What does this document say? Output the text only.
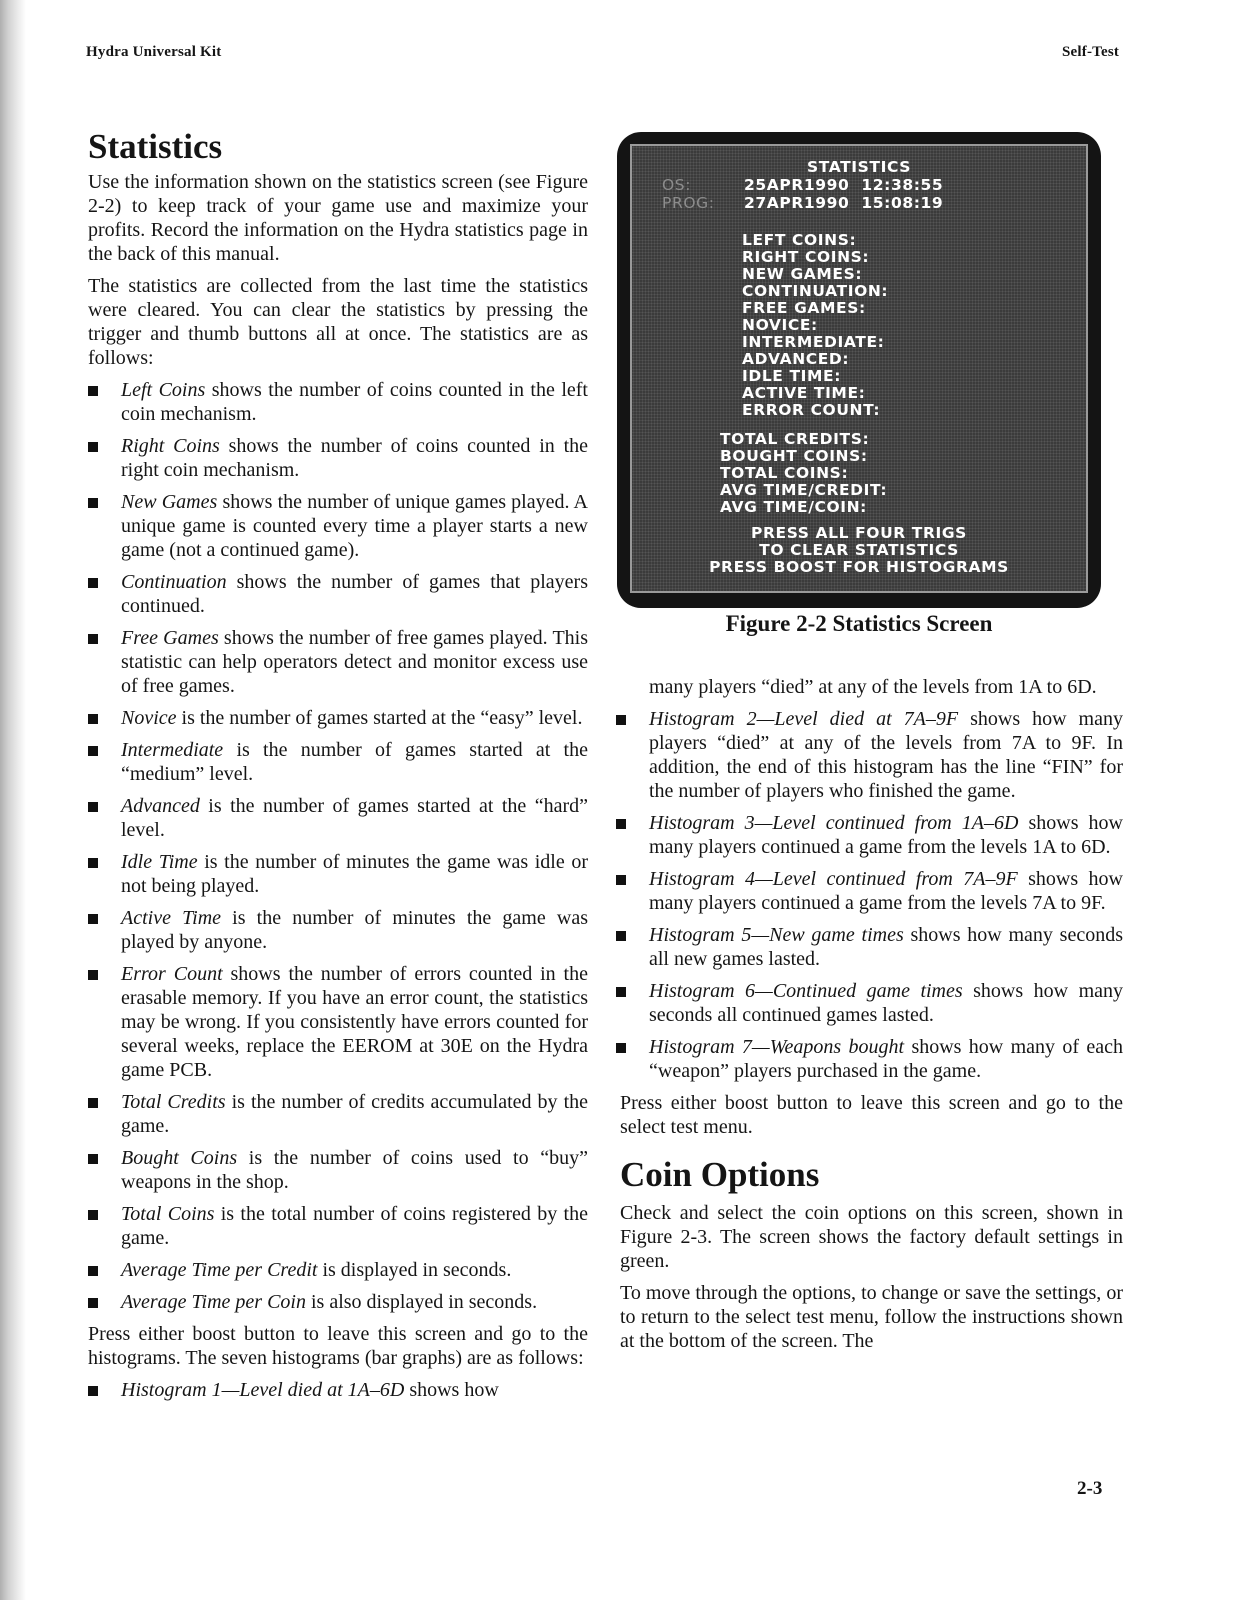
Hydra Universal Kit	Self-Test
Statistics

Use the information shown on the statistics screen (see Figure 2-2) to keep track of your game use and maximize your profits. Record the information on the Hydra statistics page in the back of this manual.

The statistics are collected from the last time the statistics were cleared. You can clear the statistics by pressing the trigger and thumb buttons all at once. The statistics are as follows:

Left Coins shows the number of coins counted in the left coin mechanism.
Right Coins shows the number of coins counted in the right coin mechanism.
New Games shows the number of unique games played. A unique game is counted every time a player starts a new game (not a continued game).
Continuation shows the number of games that players continued.
Free Games shows the number of free games played. This statistic can help operators detect and monitor excess use of free games.
Novice is the number of games started at the “easy” level.
Intermediate is the number of games started at the “medium” level.
Advanced is the number of games started at the “hard” level.
Idle Time is the number of minutes the game was idle or not being played.
Active Time is the number of minutes the game was played by anyone.
Error Count shows the number of errors counted in the erasable memory. If you have an error count, the statistics may be wrong. If you consistently have errors counted for several weeks, replace the EEROM at 30E on the Hydra game PCB.
Total Credits is the number of credits accumulated by the game.
Bought Coins is the number of coins used to “buy” weapons in the shop.
Total Coins is the total number of coins registered by the game.
Average Time per Credit is displayed in seconds.
Average Time per Coin is also displayed in seconds.

Press either boost button to leave this screen and go to the histograms. The seven histograms (bar graphs) are as follows:

Histogram 1—Level died at 1A–6D shows how
STATISTICS
OS:	25APR1990  12:38:55
PROG: 27APR1990  15:08:19
LEFT COINS:
RIGHT COINS:
NEW GAMES:
CONTINUATION:
FREE GAMES:
NOVICE:
INTERMEDIATE:
ADVANCED:
IDLE TIME:
ACTIVE TIME:
ERROR COUNT:
TOTAL CREDITS:
BOUGHT COINS:
TOTAL COINS:
AVG TIME/CREDIT:
AVG TIME/COIN:
PRESS ALL FOUR TRIGS
TO CLEAR STATISTICS
PRESS BOOST FOR HISTOGRAMS
Figure 2-2 Statistics Screen

many players “died” at any of the levels from 1A to 6D.

Histogram 2—Level died at 7A–9F shows how many players “died” at any of the levels from 7A to 9F. In addition, the end of this histogram has the line “FIN” for the number of players who finished the game.
Histogram 3—Level continued from 1A–6D shows how many players continued a game from the levels 1A to 6D.
Histogram 4—Level continued from 7A–9F shows how many players continued a game from the levels 7A to 9F.
Histogram 5—New game times shows how many seconds all new games lasted.
Histogram 6—Continued game times shows how many seconds all continued games lasted.
Histogram 7—Weapons bought shows how many of each “weapon” players purchased in the game.

Press either boost button to leave this screen and go to the select test menu.

Coin Options

Check and select the coin options on this screen, shown in Figure 2-3. The screen shows the factory default settings in green.

To move through the options, to change or save the settings, or to return to the select test menu, follow the instructions shown at the bottom of the screen. The

2-3
